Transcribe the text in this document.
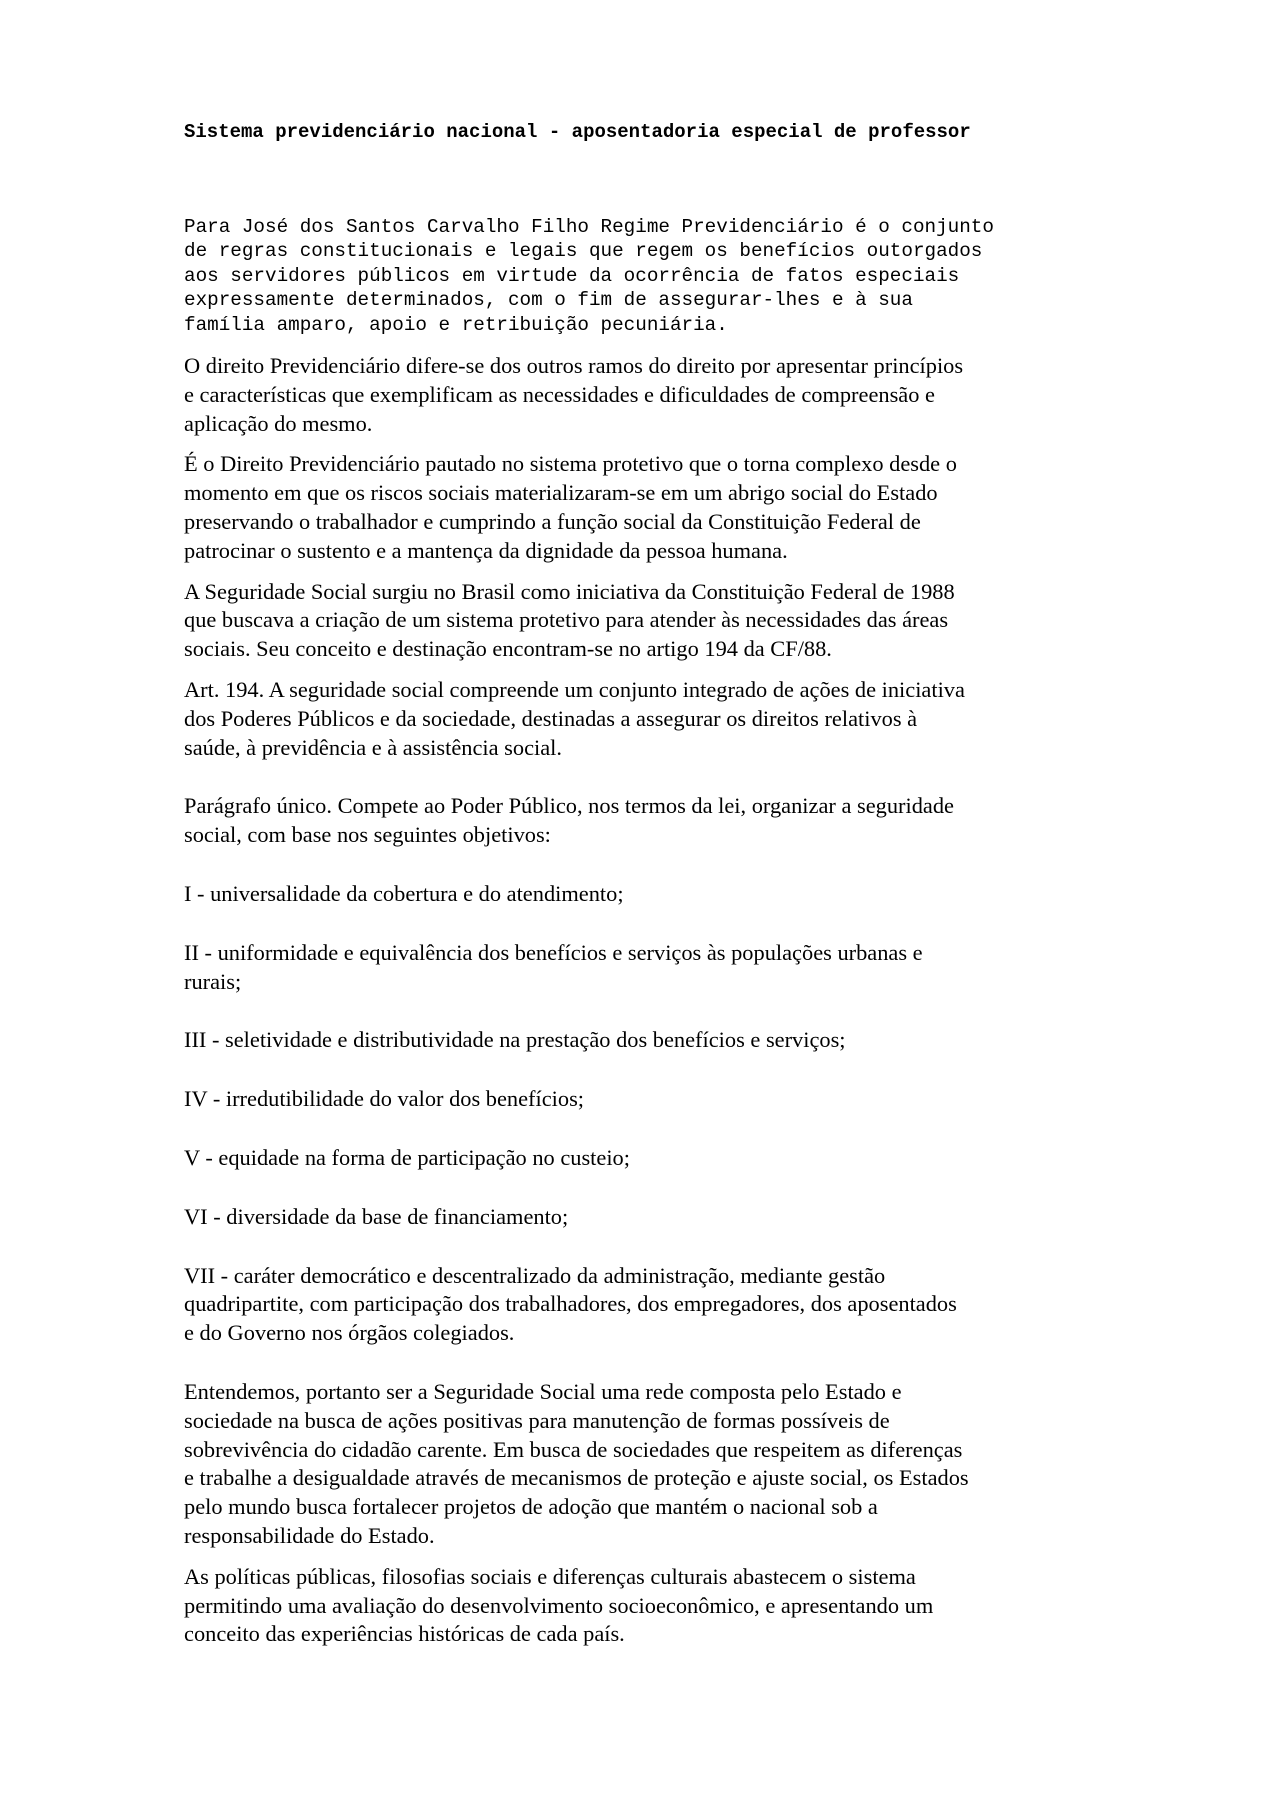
Sistema previdenciário nacional - aposentadoria especial de professor
Para José dos Santos Carvalho Filho Regime Previdenciário é o conjunto
de regras constitucionais e legais que regem os benefícios outorgados
aos servidores públicos em virtude da ocorrência de fatos especiais
expressamente determinados, com o fim de assegurar-lhes e à sua
família amparo, apoio e retribuição pecuniária.

O direito Previdenciário difere-se dos outros ramos do direito por apresentar princípios
e características que exemplificam as necessidades e dificuldades de compreensão e
aplicação do mesmo.

É o Direito Previdenciário pautado no sistema protetivo que o torna complexo desde o
momento em que os riscos sociais materializaram-se em um abrigo social do Estado
preservando o trabalhador e cumprindo a função social da Constituição Federal de
patrocinar o sustento e a mantença da dignidade da pessoa humana.

A Seguridade Social surgiu no Brasil como iniciativa da Constituição Federal de 1988
que buscava a criação de um sistema protetivo para atender às necessidades das áreas
sociais. Seu conceito e destinação encontram-se no artigo 194 da CF/88.

Art. 194. A seguridade social compreende um conjunto integrado de ações de iniciativa
dos Poderes Públicos e da sociedade, destinadas a assegurar os direitos relativos à
saúde, à previdência e à assistência social.

Parágrafo único. Compete ao Poder Público, nos termos da lei, organizar a seguridade
social, com base nos seguintes objetivos:

I - universalidade da cobertura e do atendimento;

II - uniformidade e equivalência dos benefícios e serviços às populações urbanas e
rurais;

III - seletividade e distributividade na prestação dos benefícios e serviços;

IV - irredutibilidade do valor dos benefícios;

V - equidade na forma de participação no custeio;

VI - diversidade da base de financiamento;

VII - caráter democrático e descentralizado da administração, mediante gestão
quadripartite, com participação dos trabalhadores, dos empregadores, dos aposentados
e do Governo nos órgãos colegiados.

Entendemos, portanto ser a Seguridade Social uma rede composta pelo Estado e
sociedade na busca de ações positivas para manutenção de formas possíveis de
sobrevivência do cidadão carente. Em busca de sociedades que respeitem as diferenças
e trabalhe a desigualdade através de mecanismos de proteção e ajuste social, os Estados
pelo mundo busca fortalecer projetos de adoção que mantém o nacional sob a
responsabilidade do Estado.

As políticas públicas, filosofias sociais e diferenças culturais abastecem o sistema
permitindo uma avaliação do desenvolvimento socioeconômico, e apresentando um
conceito das experiências históricas de cada país.
